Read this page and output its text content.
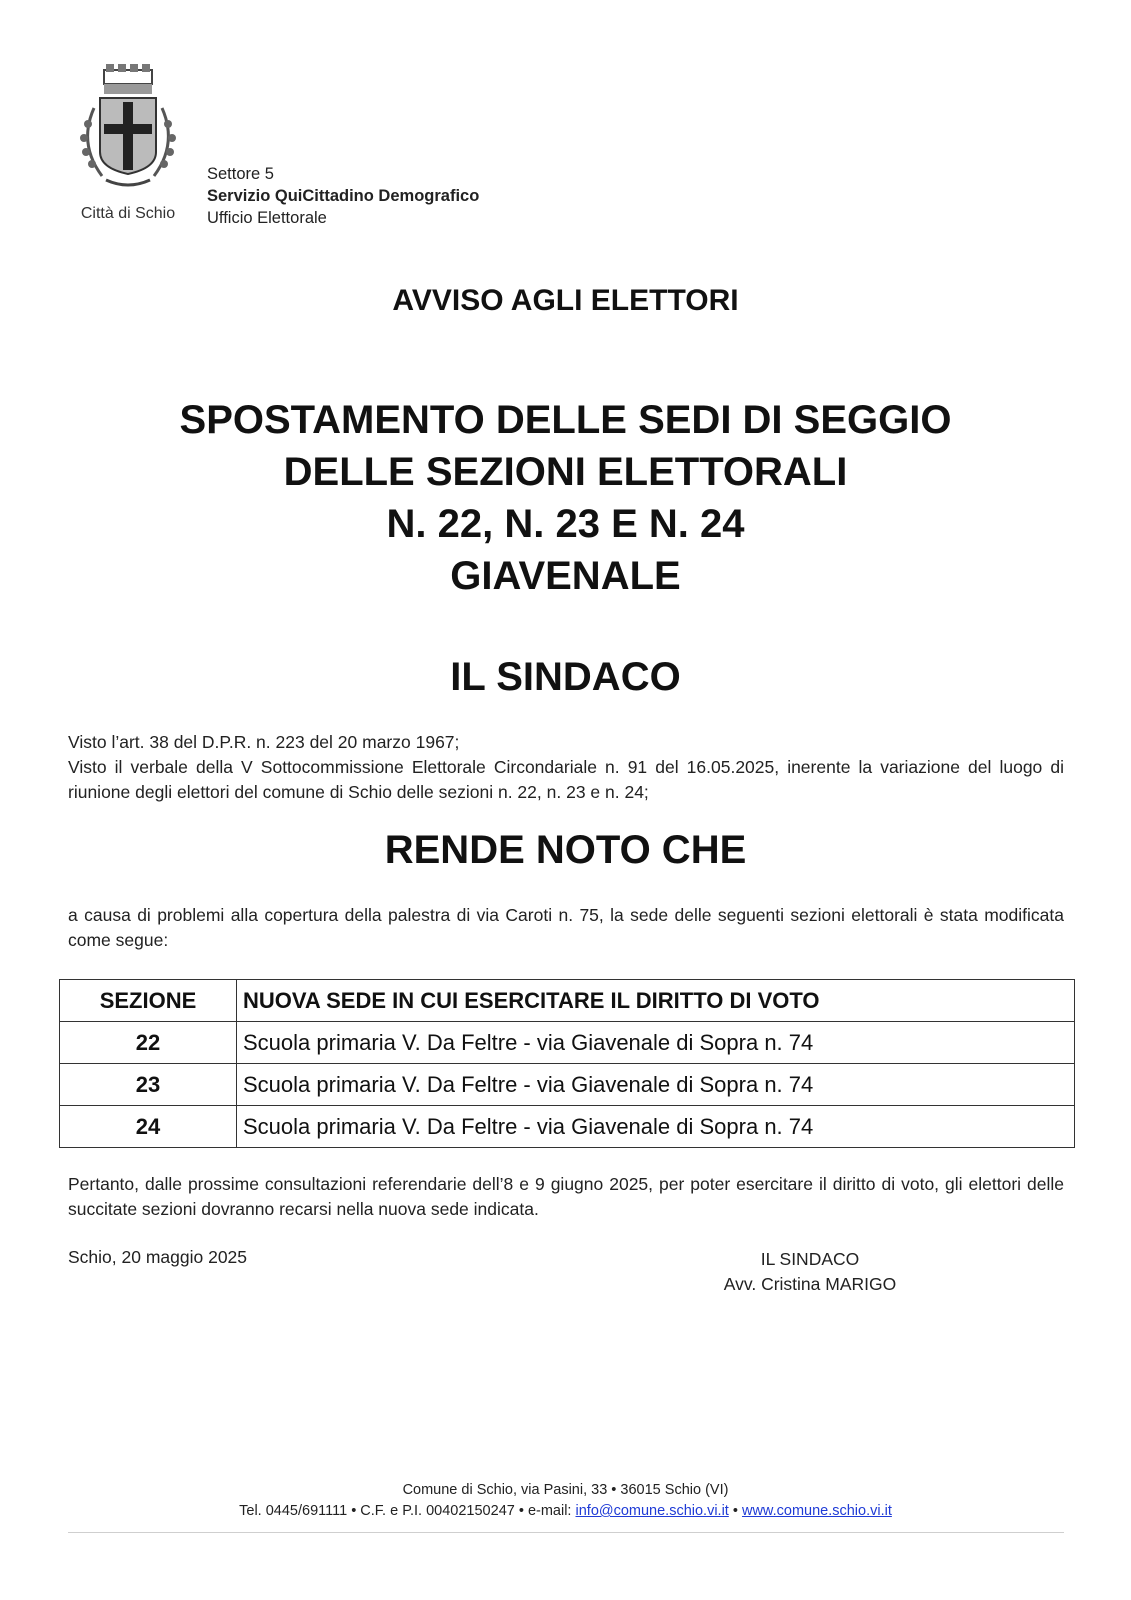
Città di Schio
Settore 5
Servizio QuiCittadino Demografico
Ufficio Elettorale
AVVISO AGLI ELETTORI
SPOSTAMENTO DELLE SEDI DI SEGGIO
DELLE SEZIONI ELETTORALI
N. 22, N. 23 E N. 24
GIAVENALE
IL SINDACO

Visto l’art. 38 del D.P.R. n. 223 del 20 marzo 1967;

Visto il verbale della V Sottocommissione Elettorale Circondariale n. 91 del 16.05.2025, inerente la variazione del luogo di riunione degli elettori del comune di Schio delle sezioni n. 22, n. 23 e n. 24;

RENDE NOTO CHE
a causa di problemi alla copertura della palestra di via Caroti n. 75, la sede delle seguenti sezioni elettorali è stata modificata come segue:
SEZIONE	NUOVA SEDE IN CUI ESERCITARE IL DIRITTO DI VOTO
22	Scuola primaria V. Da Feltre - via Giavenale di Sopra n. 74
23	Scuola primaria V. Da Feltre - via Giavenale di Sopra n. 74
24	Scuola primaria V. Da Feltre - via Giavenale di Sopra n. 74
Pertanto, dalle prossime consultazioni referendarie dell’8 e 9 giugno 2025, per poter esercitare il diritto di voto, gli elettori delle succitate sezioni dovranno recarsi nella nuova sede indicata.
Schio, 20 maggio 2025	IL SINDACO
Avv. Cristina MARIGO
Comune di Schio, via Pasini, 33 • 36015 Schio (VI)
Tel. 0445/691111 • C.F. e P.I. 00402150247 • e-mail: info@comune.schio.vi.it • www.comune.schio.vi.it
